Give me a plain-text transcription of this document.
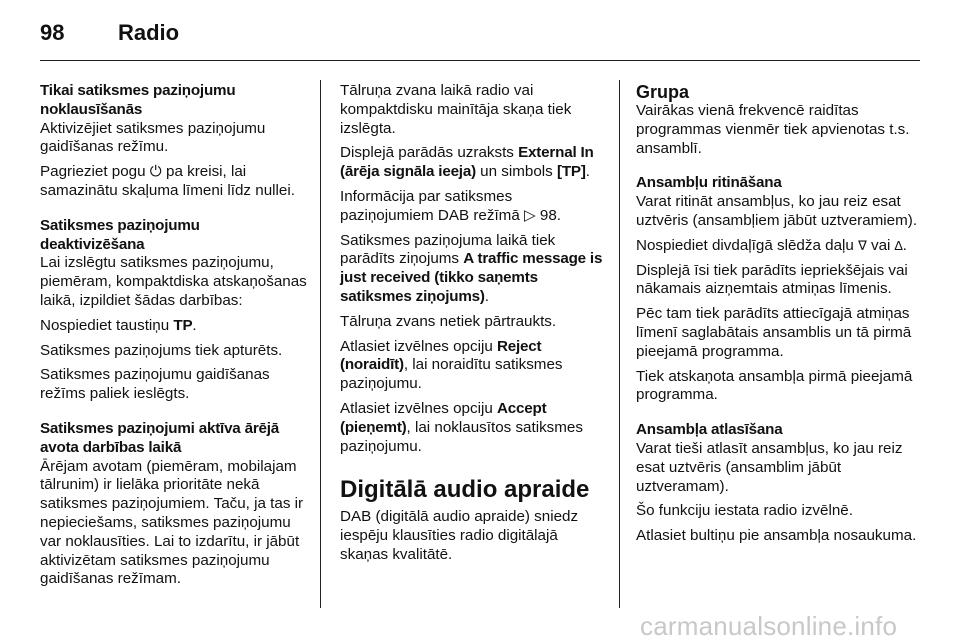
98	Radio

Tikai satiksmes paziņojumu noklausīšanās

Aktivizējiet satiksmes paziņojumu gaidīšanas režīmu.

Pagrieziet pogu ⏻ pa kreisi, lai samazinātu skaļuma līmeni līdz nullei.

Satiksmes paziņojumu deaktivizēšana

Lai izslēgtu satiksmes paziņojumu, piemēram, kompaktdiska atskaņošanas laikā, izpildiet šādas darbības:

Nospiediet taustiņu TP.

Satiksmes paziņojums tiek apturēts.

Satiksmes paziņojumu gaidīšanas režīms paliek ieslēgts.

Satiksmes paziņojumi aktīva ārējā avota darbības laikā

Ārējam avotam (piemēram, mobilajam tālrunim) ir lielāka prioritāte nekā satiksmes paziņojumiem. Taču, ja tas ir nepieciešams, satiksmes paziņojumu var noklausīties. Lai to izdarītu, ir jābūt aktivizētam satiksmes paziņojumu gaidīšanas režīmam.

Tālruņa zvana laikā radio vai kompaktdisku mainītāja skaņa tiek izslēgta.

Displejā parādās uzraksts External In (ārēja signāla ieeja) un simbols [TP].

Informācija par satiksmes paziņojumiem DAB režīmā ▷ 98.

Satiksmes paziņojuma laikā tiek parādīts ziņojums A traffic message is just received (tikko saņemts satiksmes ziņojums).

Tālruņa zvans netiek pārtraukts.

Atlasiet izvēlnes opciju Reject (noraidīt), lai noraidītu satiksmes paziņojumu.

Atlasiet izvēlnes opciju Accept (pieņemt), lai noklausītos satiksmes paziņojumu.

Digitālā audio apraide

DAB (digitālā audio apraide) sniedz iespēju klausīties radio digitālajā skaņas kvalitātē.

Grupa

Vairākas vienā frekvencē raidītas programmas vienmēr tiek apvienotas t.s. ansamblī.

Ansambļu ritināšana

Varat ritināt ansambļus, ko jau reiz esat uztvēris (ansambļiem jābūt uztveramiem).

Nospiediet divdaļīgā slēdža daļu ∇ vai ∆.

Displejā īsi tiek parādīts iepriekšējais vai nākamais aizņemtais atmiņas līmenis.

Pēc tam tiek parādīts attiecīgajā atmiņas līmenī saglabātais ansamblis un tā pirmā pieejamā programma.

Tiek atskaņota ansambļa pirmā pieejamā programma.

Ansambļa atlasīšana

Varat tieši atlasīt ansambļus, ko jau reiz esat uztvēris (ansamblim jābūt uztveramam).

Šo funkciju iestata radio izvēlnē.

Atlasiet bultiņu pie ansambļa nosaukuma.

carmanualsonline.info
